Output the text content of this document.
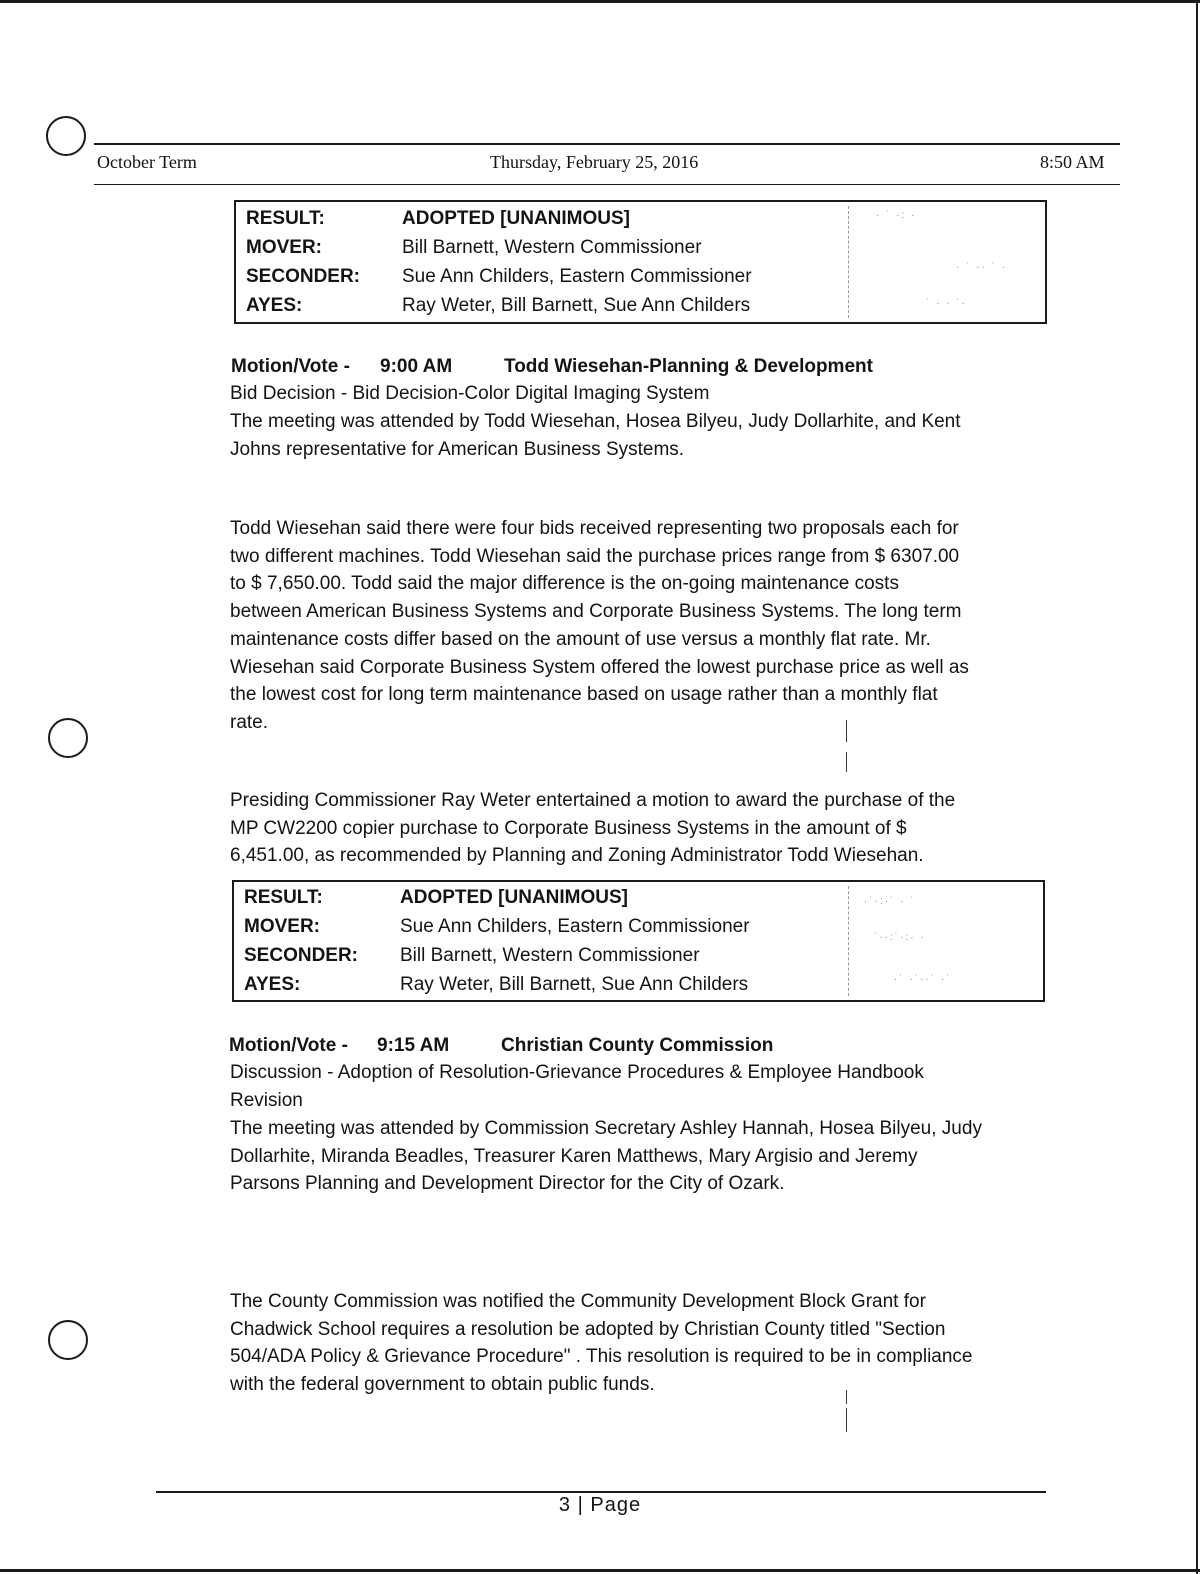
October Term	Thursday, February 25, 2016	8:50 AM
RESULT:	ADOPTED [UNANIMOUS]
MOVER:	Bill Barnett, Western Commissioner
SECONDER: Sue Ann Childers, Eastern Commissioner
AYES:	Ray Weter, Bill Barnett, Sue Ann Childers
· ˙ ·: ·
· ˙ ·· ˙ ·
˙ · · ˙·
Motion/Vote - 9:00 AM	Todd Wiesehan-Planning & Development
Bid Decision - Bid Decision-Color Digital Imaging System
The meeting was attended by Todd Wiesehan, Hosea Bilyeu, Judy Dollarhite, and Kent
Johns representative for American Business Systems.

Todd Wiesehan said there were four bids received representing two proposals each for

two different machines. Todd Wiesehan said the purchase prices range from $ 6307.00

to $ 7,650.00. Todd said the major difference is the on-going maintenance costs

between American Business Systems and Corporate Business Systems. The long term

maintenance costs differ based on the amount of use versus a monthly flat rate. Mr.

Wiesehan said Corporate Business System offered the lowest purchase price as well as

the lowest cost for long term maintenance based on usage rather than a monthly flat

rate.

Presiding Commissioner Ray Weter entertained a motion to award the purchase of the

MP CW2200 copier purchase to Corporate Business Systems in the amount of $

6,451.00, as recommended by Planning and Zoning Administrator Todd Wiesehan.

RESULT:	ADOPTED [UNANIMOUS]
MOVER:	Sue Ann Childers, Eastern Commissioner
SECONDER: Bill Barnett, Western Commissioner
AYES:	Ray Weter, Bill Barnett, Sue Ann Childers
·˙·:·˙ · ˙
˙··:˙·:· ·
·˙ ·˙··˙ ·˙
Motion/Vote - 9:15 AM	Christian County Commission
Discussion - Adoption of Resolution-Grievance Procedures & Employee Handbook
Revision

The meeting was attended by Commission Secretary Ashley Hannah, Hosea Bilyeu, Judy

Dollarhite, Miranda Beadles, Treasurer Karen Matthews, Mary Argisio and Jeremy

Parsons Planning and Development Director for the City of Ozark.

The County Commission was notified the Community Development Block Grant for

Chadwick School requires a resolution be adopted by Christian County titled "Section

504/ADA Policy & Grievance Procedure" . This resolution is required to be in compliance

with the federal government to obtain public funds.

3 | Page
